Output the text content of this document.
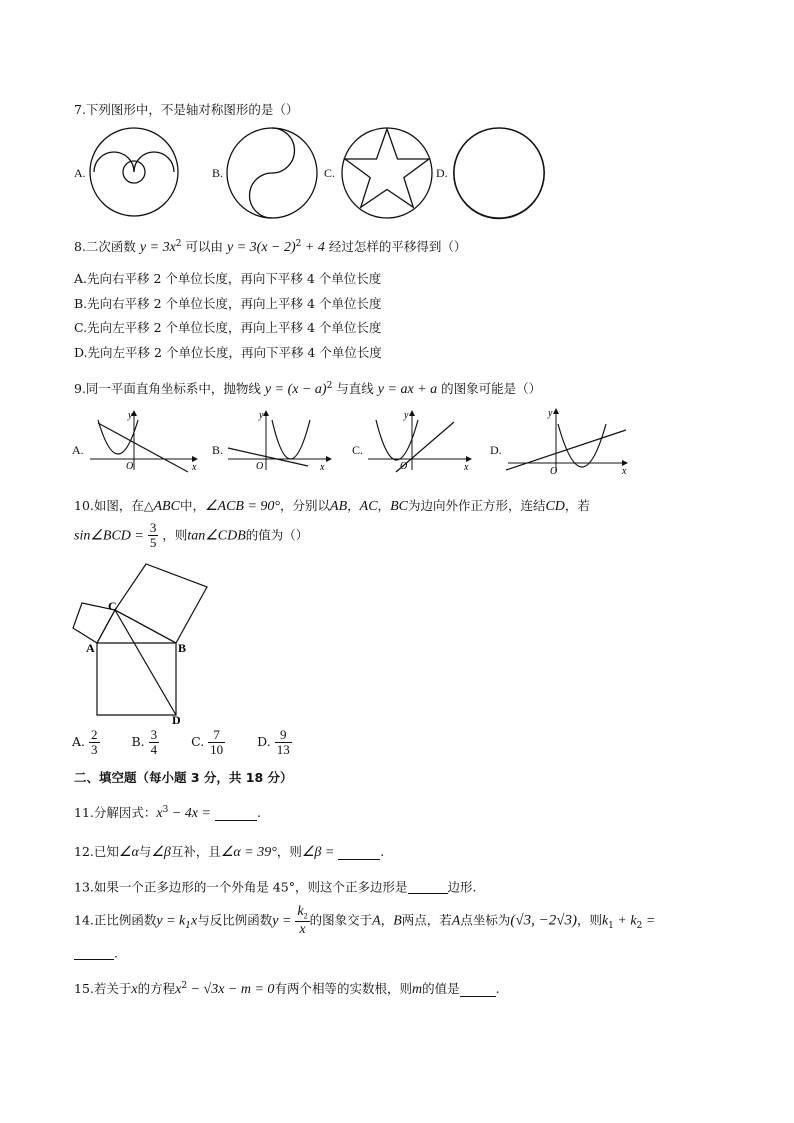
7.下列图形中，不是轴对称图形的是（）
A.	B.	C.	D.
8.二次函数 $y = 3x^2$ 可以由 $y = 3(x - 2)^2 + 4$ 经过怎样的平移得到（）
A.先向右平移 2 个单位长度，再向下平移 4 个单位长度
B.先向右平移 2 个单位长度，再向上平移 4 个单位长度
C.先向左平移 2 个单位长度，再向上平移 4 个单位长度
D.先向左平移 2 个单位长度，再向下平移 4 个单位长度
9.同一平面直角坐标系中，抛物线 $y = (x - a)^2$ 与直线 y = ax + a 的图象可能是（）
A.
O
y
x
B.
O
y
x
C.
O
y
x
D.
O
y
x
10.如图，在△ABC中，∠ACB = 90°，分别以AB，AC，BC为边向外作正方形，连结CD，若
sin∠BCD = $\frac{3}{5}$ ，则tan∠CDB的值为（）
A	B
C
D
A. $\frac{2}{3}$	B. $\frac{3}{4}$	C. $\frac{7}{10}$	D. $\frac{9}{13}$
二、填空题（每小题 3 分，共 18 分）
11.分解因式：$x^3 - 4x$ =	.
12.已知∠α与∠β互补，且∠α = 39°，则∠β =	.
13.如果一个正多边形的一个外角是 45°，则这个正多边形是	边形.
14.正比例函数$y = k_1x$与反比例函数$y = \frac{k_2}{x}$ 的图象交于A，B两点，若A点坐标为(√3, −2√3)，则$k_1 + k_2$ =
.
15.若关于x的方程$x^2 - √3x - m = 0$有两个相等的实数根，则m的值是	.
